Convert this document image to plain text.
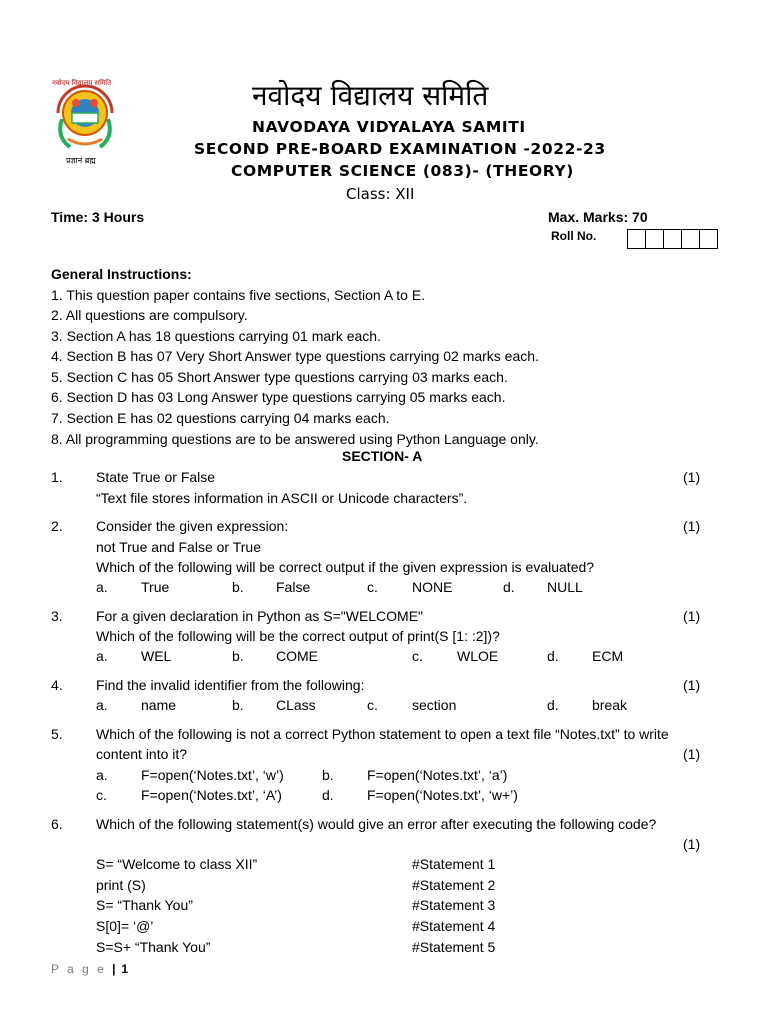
नवोदय विद्यालय समिति
प्रज्ञानं ब्रह्म
नवोदय विद्यालय समिति
NAVODAYA VIDYALAYA SAMITI
SECOND PRE-BOARD EXAMINATION -2022-23
COMPUTER SCIENCE (083)- (THEORY)
Class: XII
Time: 3 Hours	Max. Marks: 70
Roll No.
General Instructions:
1. This question paper contains five sections, Section A to E.
2. All questions are compulsory.
3. Section A has 18 questions carrying 01 mark each.
4. Section B has 07 Very Short Answer type questions carrying 02 marks each.
5. Section C has 05 Short Answer type questions carrying 03 marks each.
6. Section D has 03 Long Answer type questions carrying 05 marks each.
7. Section E has 02 questions carrying 04 marks each.
8. All programming questions are to be answered using Python Language only.
SECTION- A
1. State True or False	(1)
“Text file stores information in ASCII or Unicode characters”.
2. Consider the given expression:	(1)
not True and False or True
Which of the following will be correct output if the given expression is evaluated?
a. True	b. False	c. NONE	d. NULL
3. For a given declaration in Python as S="WELCOME"	(1)
Which of the following will be the correct output of print(S [1: :2])?
a. WEL	b. COME	c. WLOE	d. ECM
4. Find the invalid identifier from the following:	(1)
a. name	b. CLass	c. section	d. break
5. Which of the following is not a correct Python statement to open a text file “Notes.txt” to write
content into it?	(1)
a. F=open(‘Notes.txt’, ‘w’)	b. F=open(‘Notes.txt’, ‘a’)
c. F=open(‘Notes.txt’, ‘A’)	d. F=open(‘Notes.txt’, ‘w+’)
6. Which of the following statement(s) would give an error after executing the following code?
(1)
S= “Welcome to class XII”	#Statement 1
print (S)	#Statement 2
S= “Thank You”	#Statement 3
S[0]= ‘@’	#Statement 4
S=S+ “Thank You”	#Statement 5
P a g e | 1
